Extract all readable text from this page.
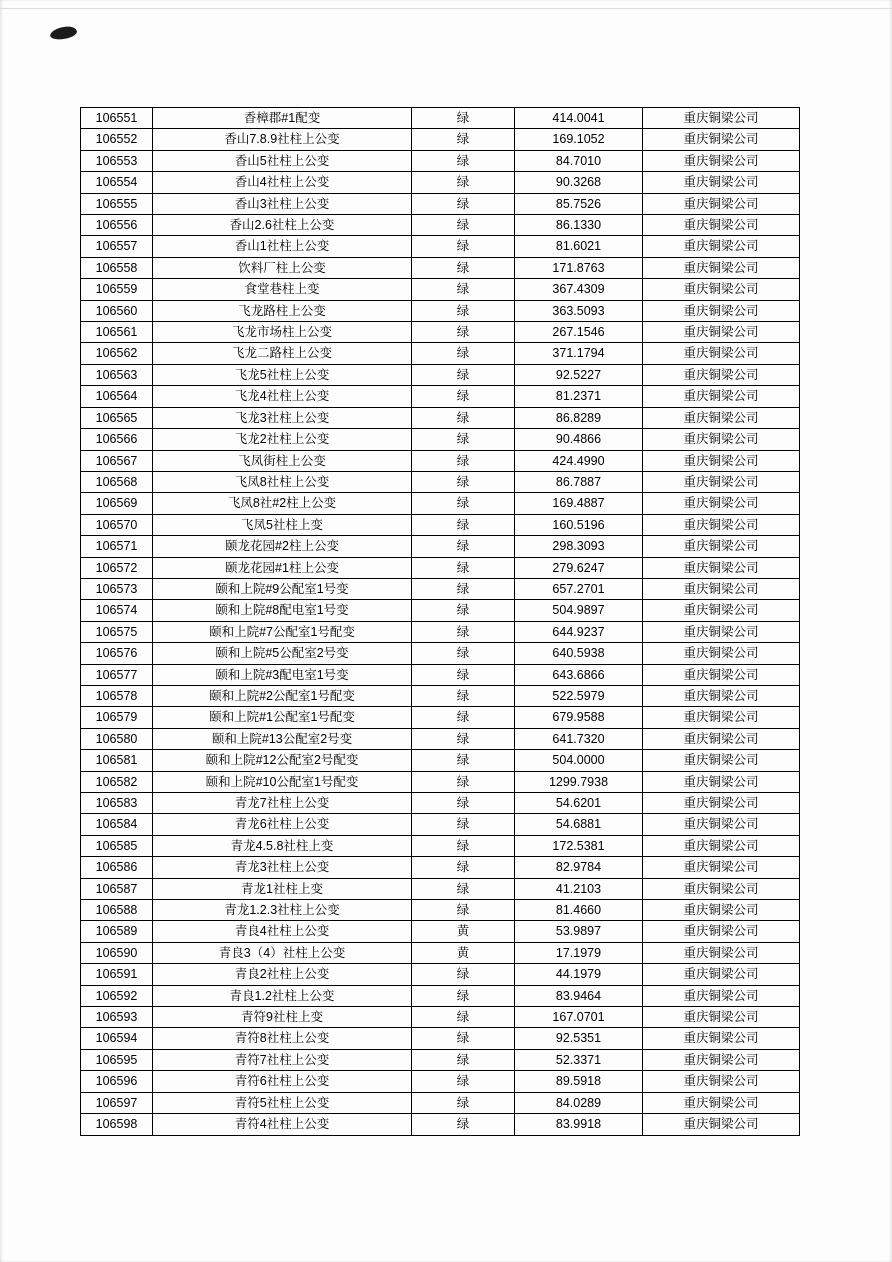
106551	香樟郡#1配变	绿	414.0041	重庆铜梁公司
106552	香山7.8.9社柱上公变	绿	169.1052	重庆铜梁公司
106553	香山5社柱上公变	绿	84.7010	重庆铜梁公司
106554	香山4社柱上公变	绿	90.3268	重庆铜梁公司
106555	香山3社柱上公变	绿	85.7526	重庆铜梁公司
106556	香山2.6社柱上公变	绿	86.1330	重庆铜梁公司
106557	香山1社柱上公变	绿	81.6021	重庆铜梁公司
106558	饮料厂柱上公变	绿	171.8763	重庆铜梁公司
106559	食堂巷柱上变	绿	367.4309	重庆铜梁公司
106560	飞龙路柱上公变	绿	363.5093	重庆铜梁公司
106561	飞龙市场柱上公变	绿	267.1546	重庆铜梁公司
106562	飞龙二路柱上公变	绿	371.1794	重庆铜梁公司
106563	飞龙5社柱上公变	绿	92.5227	重庆铜梁公司
106564	飞龙4社柱上公变	绿	81.2371	重庆铜梁公司
106565	飞龙3社柱上公变	绿	86.8289	重庆铜梁公司
106566	飞龙2社柱上公变	绿	90.4866	重庆铜梁公司
106567	飞凤街柱上公变	绿	424.4990	重庆铜梁公司
106568	飞凤8社柱上公变	绿	86.7887	重庆铜梁公司
106569	飞凤8社#2柱上公变	绿	169.4887	重庆铜梁公司
106570	飞凤5社柱上变	绿	160.5196	重庆铜梁公司
106571	颐龙花园#2柱上公变	绿	298.3093	重庆铜梁公司
106572	颐龙花园#1柱上公变	绿	279.6247	重庆铜梁公司
106573	颐和上院#9公配室1号变	绿	657.2701	重庆铜梁公司
106574	颐和上院#8配电室1号变	绿	504.9897	重庆铜梁公司
106575	颐和上院#7公配室1号配变	绿	644.9237	重庆铜梁公司
106576	颐和上院#5公配室2号变	绿	640.5938	重庆铜梁公司
106577	颐和上院#3配电室1号变	绿	643.6866	重庆铜梁公司
106578	颐和上院#2公配室1号配变	绿	522.5979	重庆铜梁公司
106579	颐和上院#1公配室1号配变	绿	679.9588	重庆铜梁公司
106580	颐和上院#13公配室2号变	绿	641.7320	重庆铜梁公司
106581	颐和上院#12公配室2号配变	绿	504.0000	重庆铜梁公司
106582	颐和上院#10公配室1号配变	绿	1299.7938	重庆铜梁公司
106583	青龙7社柱上公变	绿	54.6201	重庆铜梁公司
106584	青龙6社柱上公变	绿	54.6881	重庆铜梁公司
106585	青龙4.5.8社柱上变	绿	172.5381	重庆铜梁公司
106586	青龙3社柱上公变	绿	82.9784	重庆铜梁公司
106587	青龙1社柱上变	绿	41.2103	重庆铜梁公司
106588	青龙1.2.3社柱上公变	绿	81.4660	重庆铜梁公司
106589	青良4社柱上公变	黄	53.9897	重庆铜梁公司
106590	青良3（4）社柱上公变	黄	17.1979	重庆铜梁公司
106591	青良2社柱上公变	绿	44.1979	重庆铜梁公司
106592	青良1.2社柱上公变	绿	83.9464	重庆铜梁公司
106593	青符9社柱上变	绿	167.0701	重庆铜梁公司
106594	青符8社柱上公变	绿	92.5351	重庆铜梁公司
106595	青符7社柱上公变	绿	52.3371	重庆铜梁公司
106596	青符6社柱上公变	绿	89.5918	重庆铜梁公司
106597	青符5社柱上公变	绿	84.0289	重庆铜梁公司
106598	青符4社柱上公变	绿	83.9918	重庆铜梁公司
